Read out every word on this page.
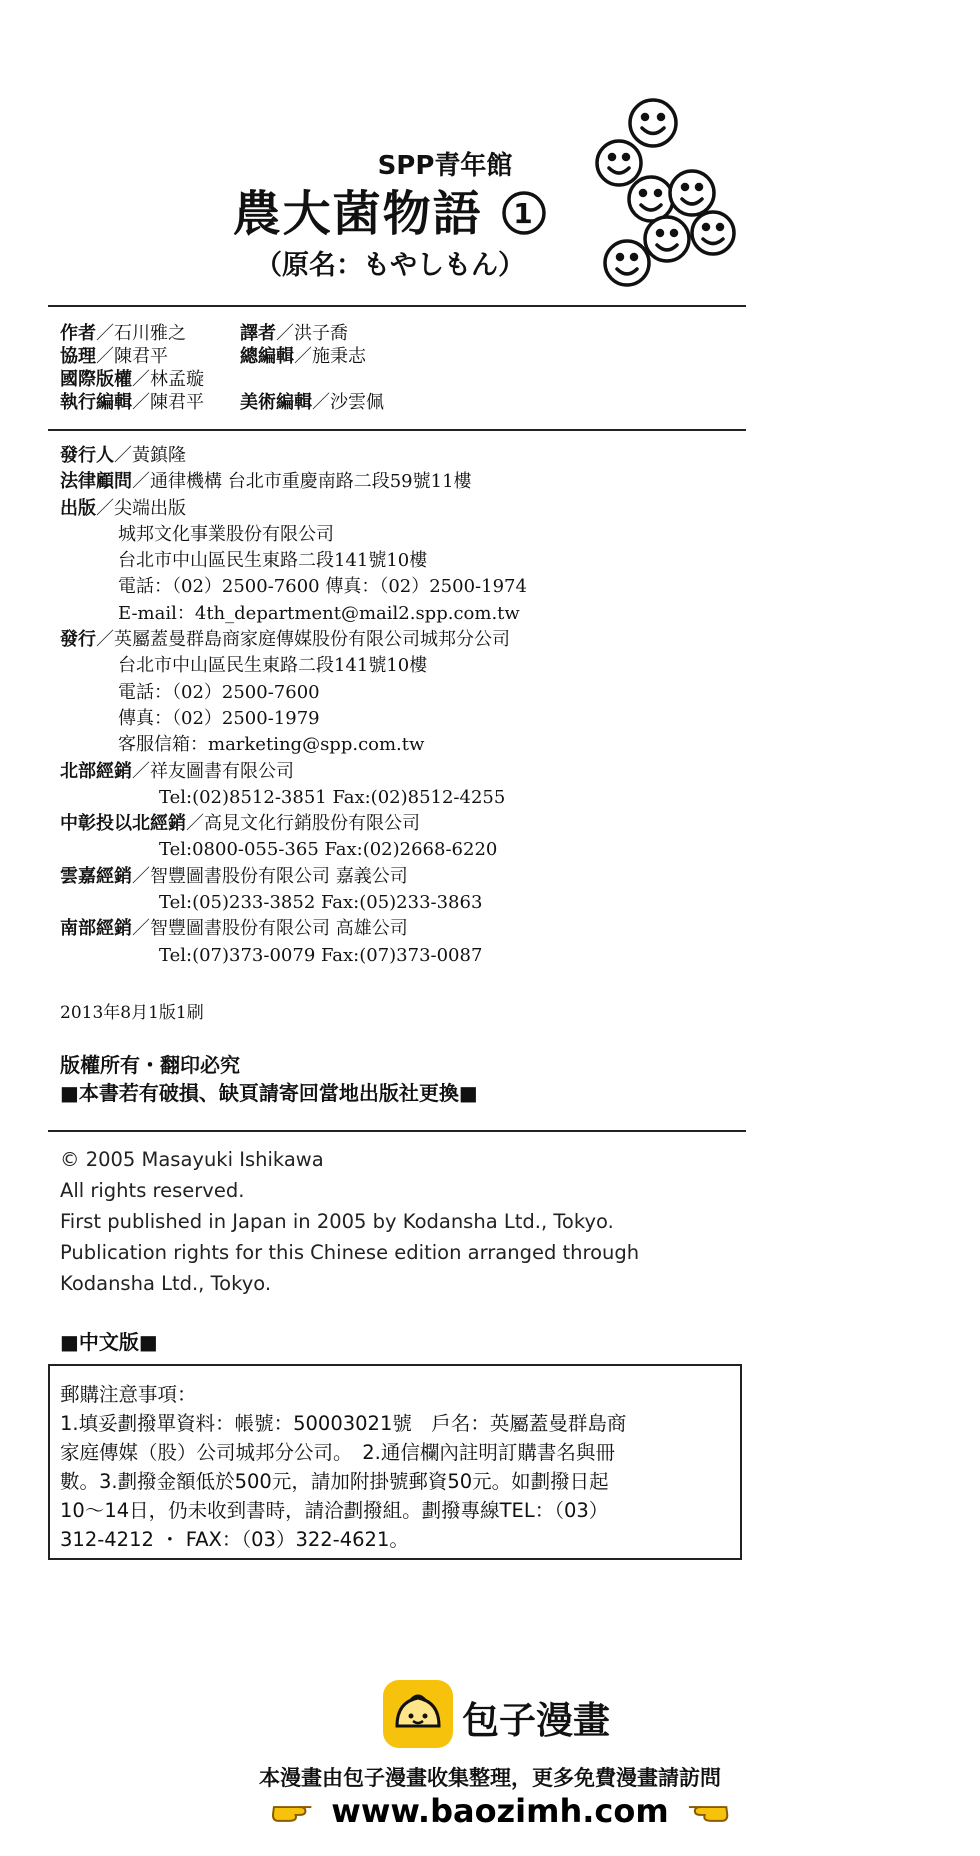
SPP青年館
農大菌物語 1
（原名：もやしもん）
作者／石川雅之	譯者／洪子喬
協理／陳君平	總編輯／施秉志
國際版權／林孟璇
執行編輯／陳君平	美術編輯／沙雲佩
發行人／黃鎮隆
法律顧問／通律機構 台北市重慶南路二段59號11樓
出版／尖端出版
城邦文化事業股份有限公司
台北市中山區民生東路二段141號10樓
電話：（02）2500-7600 傳真：（02）2500-1974
E-mail：4th_department@mail2.spp.com.tw
發行／英屬蓋曼群島商家庭傳媒股份有限公司城邦分公司
台北市中山區民生東路二段141號10樓
電話：（02）2500-7600
傳真：（02）2500-1979
客服信箱：marketing@spp.com.tw
北部經銷／祥友圖書有限公司
Tel:(02)8512-3851 Fax:(02)8512-4255
中彰投以北經銷／高見文化行銷股份有限公司
Tel:0800-055-365 Fax:(02)2668-6220
雲嘉經銷／智豐圖書股份有限公司 嘉義公司
Tel:(05)233-3852 Fax:(05)233-3863
南部經銷／智豐圖書股份有限公司 高雄公司
Tel:(07)373-0079 Fax:(07)373-0087
2013年8月1版1刷
版權所有・翻印必究
■本書若有破損、缺頁請寄回當地出版社更換■
© 2005 Masayuki Ishikawa
All rights reserved.
First published in Japan in 2005 by Kodansha Ltd., Tokyo.
Publication rights for this Chinese edition arranged through
Kodansha Ltd., Tokyo.
■中文版■
郵購注意事項：
1.填妥劃撥單資料：帳號：50003021號　戶名：英屬蓋曼群島商
家庭傳媒（股）公司城邦分公司。　2.通信欄內註明訂購書名與冊
數。3.劃撥金額低於500元，請加附掛號郵資50元。如劃撥日起
10～14日，仍未收到書時，請洽劃撥組。劃撥專線TEL：（03）
312-4212 ・ FAX：（03）322-4621。
包子漫畫
本漫畫由包子漫畫收集整理，更多免費漫畫請訪問
www.baozimh.com
